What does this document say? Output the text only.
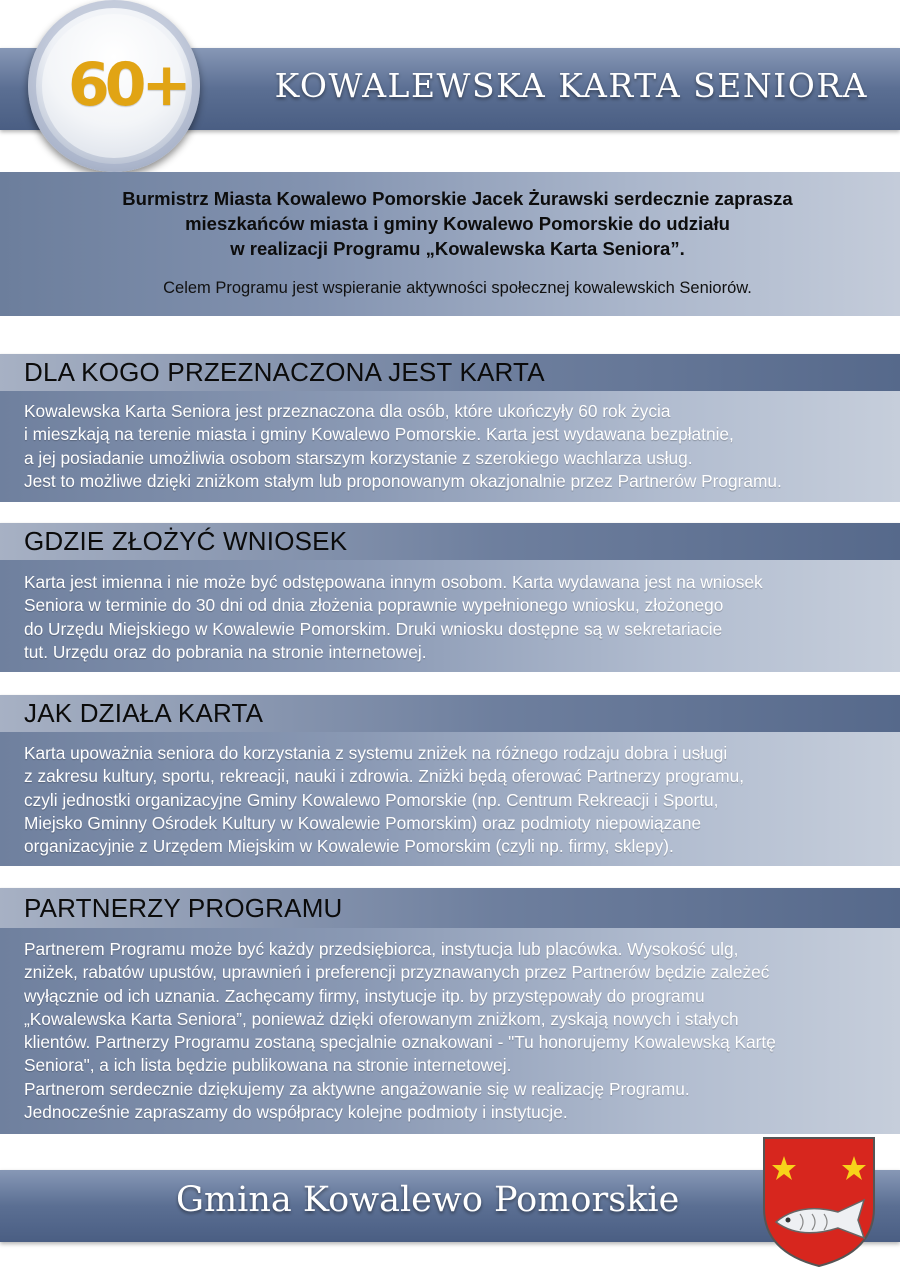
60+	KOWALEWSKA KARTA SENIORA
Burmistrz Miasta Kowalewo Pomorskie Jacek Żurawski serdecznie zaprasza
mieszkańców miasta i gminy Kowalewo Pomorskie do udziału
w realizacji Programu „Kowalewska Karta Seniora”.
Celem Programu jest wspieranie aktywności społecznej kowalewskich Seniorów.
DLA KOGO PRZEZNACZONA JEST KARTA
Kowalewska Karta Seniora jest przeznaczona dla osób, które ukończyły 60 rok życia
i mieszkają na terenie miasta i gminy Kowalewo Pomorskie. Karta jest wydawana bezpłatnie,
a jej posiadanie umożliwia osobom starszym korzystanie z szerokiego wachlarza usług.
Jest to możliwe dzięki zniżkom stałym lub proponowanym okazjonalnie przez Partnerów Programu.
GDZIE ZŁOŻYĆ WNIOSEK
Karta jest imienna i nie może być odstępowana innym osobom. Karta wydawana jest na wniosek
Seniora w terminie do 30 dni od dnia złożenia poprawnie wypełnionego wniosku, złożonego
do Urzędu Miejskiego w Kowalewie Pomorskim. Druki wniosku dostępne są w sekretariacie
tut. Urzędu oraz do pobrania na stronie internetowej.
JAK DZIAŁA KARTA
Karta upoważnia seniora do korzystania z systemu zniżek na różnego rodzaju dobra i usługi
z zakresu kultury, sportu, rekreacji, nauki i zdrowia. Zniżki będą oferować Partnerzy programu,
czyli jednostki organizacyjne Gminy Kowalewo Pomorskie (np. Centrum Rekreacji i Sportu,
Miejsko Gminny Ośrodek Kultury w Kowalewie Pomorskim) oraz podmioty niepowiązane
organizacyjnie z Urzędem Miejskim w Kowalewie Pomorskim (czyli np. firmy, sklepy).
PARTNERZY PROGRAMU
Partnerem Programu może być każdy przedsiębiorca, instytucja lub placówka. Wysokość ulg,
zniżek, rabatów upustów, uprawnień i preferencji przyznawanych przez Partnerów będzie zależeć
wyłącznie od ich uznania. Zachęcamy firmy, instytucje itp. by przystępowały do programu
„Kowalewska Karta Seniora”, ponieważ dzięki oferowanym zniżkom, zyskają nowych i stałych
klientów. Partnerzy Programu zostaną specjalnie oznakowani - "Tu honorujemy Kowalewską Kartę
Seniora", a ich lista będzie publikowana na stronie internetowej.
Partnerom serdecznie dziękujemy za aktywne angażowanie się w realizację Programu.
Jednocześnie zapraszamy do współpracy kolejne podmioty i instytucje.
Gmina Kowalewo Pomorskie
